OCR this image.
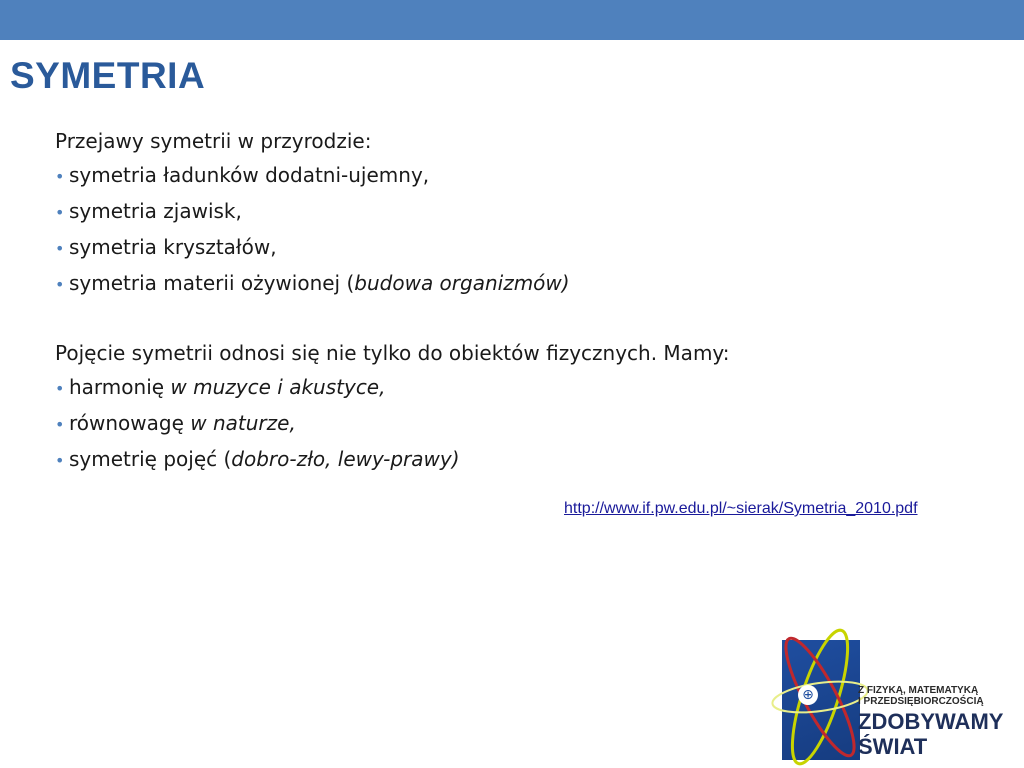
SYMETRIA
Przejawy symetrii w przyrodzie:
• symetria ładunków dodatni-ujemny,
• symetria zjawisk,
• symetria kryształów,
• symetria materii ożywionej (budowa organizmów)
Pojęcie symetrii odnosi się nie tylko do obiektów fizycznych. Mamy:
• harmonię w muzyce i akustyce,
• równowagę w naturze,
• symetrię pojęć (dobro-zło, lewy-prawy)
http://www.if.pw.edu.pl/~sierak/Symetria_2010.pdf
⊕	Z FIZYKĄ, MATEMATYKĄ
I PRZEDSIĘBIORCZOŚCIĄ
ZDOBYWAMY
ŚWIAT
